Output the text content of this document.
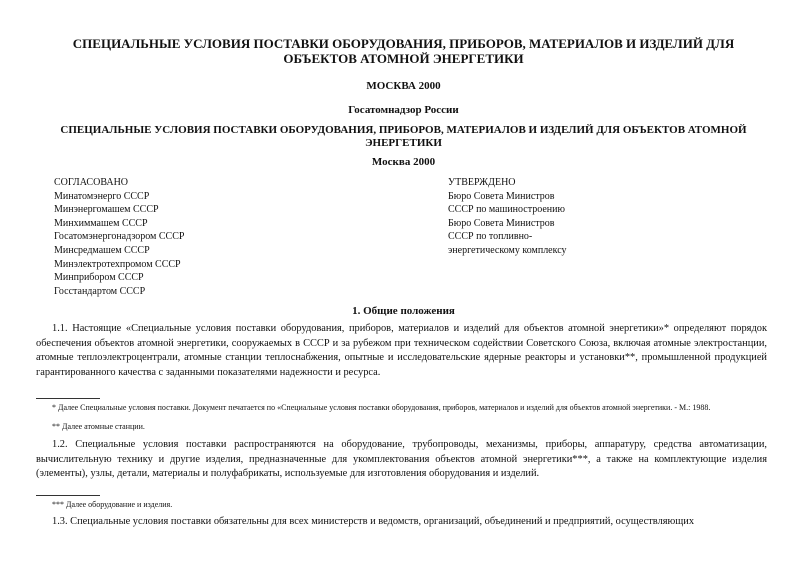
СПЕЦИАЛЬНЫЕ УСЛОВИЯ ПОСТАВКИ ОБОРУДОВАНИЯ, ПРИБОРОВ, МАТЕРИАЛОВ И ИЗДЕЛИЙ ДЛЯ ОБЪЕКТОВ АТОМНОЙ ЭНЕРГЕТИКИ
МОСКВА 2000
Госатомнадзор России
СПЕЦИАЛЬНЫЕ УСЛОВИЯ ПОСТАВКИ ОБОРУДОВАНИЯ, ПРИБОРОВ, МАТЕРИАЛОВ И ИЗДЕЛИЙ ДЛЯ ОБЪЕКТОВ АТОМНОЙ ЭНЕРГЕТИКИ
Москва 2000
СОГЛАСОВАНО
Минатомэнерго СССР
Минэнергомашем СССР
Минхиммашем СССР
Госатомэнергонадзором СССР
Минсредмашем СССР
Минэлектротехпромом СССР
Минприбором СССР
Госстандартом СССР
УТВЕРЖДЕНО
Бюро Совета Министров
СССР по машиностроению
Бюро Совета Министров
СССР по топливно-
энергетическому комплексу
1. Общие положения
1.1. Настоящие «Специальные условия поставки оборудования, приборов, материалов и изделий для объектов атомной энергетики»* определяют порядок обеспечения объектов атомной энергетики, сооружаемых в СССР и за рубежом при техническом содействии Советского Союза, включая атомные электростанции, атомные теплоэлектроцентрали, атомные станции теплоснабжения, опытные и исследовательские ядерные реакторы и установки**, промышленной продукцией гарантированного качества с заданными показателями надежности и ресурса.
* Далее Специальные условия поставки. Документ печатается по «Специальные условия поставки оборудования, приборов, материалов и изделий для объектов атомной энергетики. - М.: 1988.
** Далее атомные станции.
1.2. Специальные условия поставки распространяются на оборудование, трубопроводы, механизмы, приборы, аппаратуру, средства автоматизации, вычислительную технику и другие изделия, предназначенные для укомплектования объектов атомной энергетики***, а также на комплектующие изделия (элементы), узлы, детали, материалы и полуфабрикаты, используемые для изготовления оборудования и изделий.
*** Далее оборудование и изделия.
1.3. Специальные условия поставки обязательны для всех министерств и ведомств, организаций, объединений и предприятий, осуществляющих
